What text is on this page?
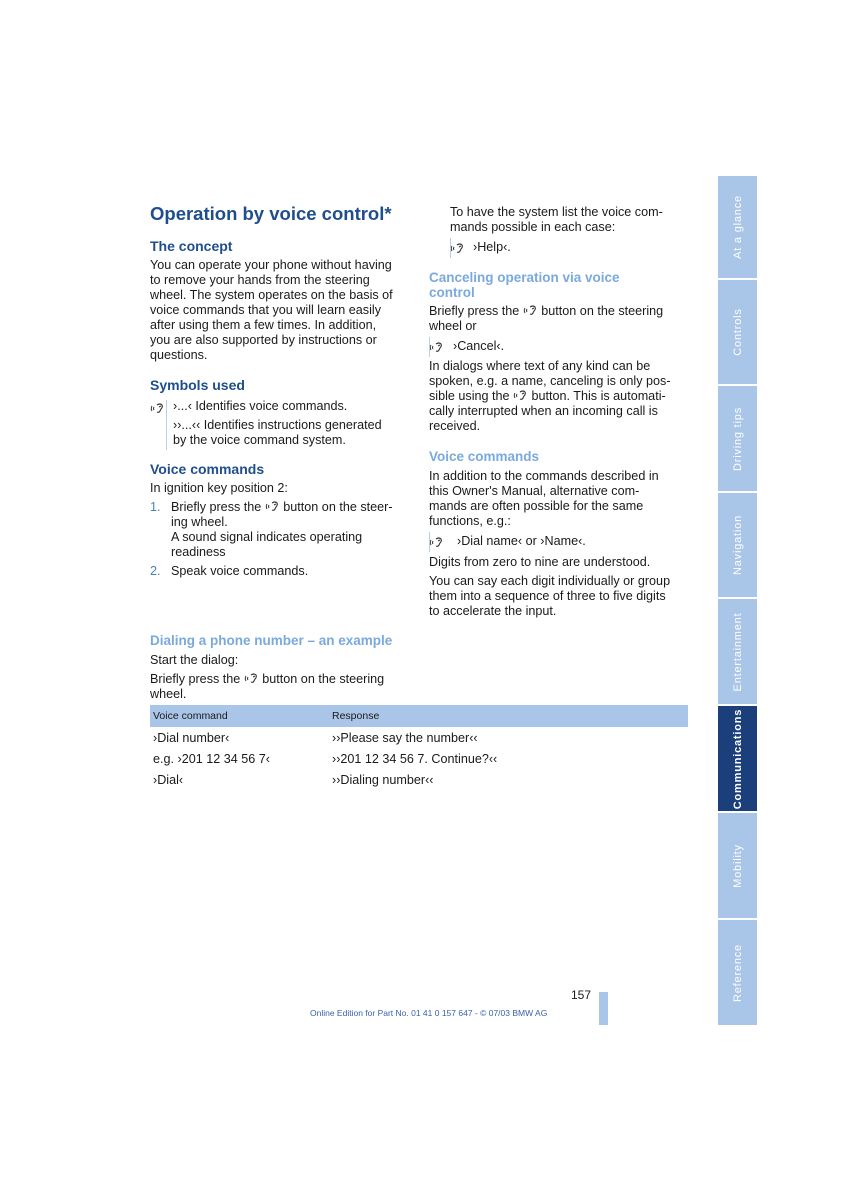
Operation by voice control*
The concept

You can operate your phone without having

to remove your hands from the steering

wheel. The system operates on the basis of

voice commands that you will learn easily

after using them a few times. In addition,

you are also supported by instructions or

questions.

Symbols used

›...‹ Identifies voice commands.

››...‹‹ Identifies instructions generated

by the voice command system.

Voice commands

In ignition key position 2:

1. Briefly press the  button on the steer-

ing wheel.

A sound signal indicates operating

readiness

2. Speak voice commands.

To have the system list the voice com-

mands possible in each case:

›Help‹.

Canceling operation via voice
control

Briefly press the  button on the steering

wheel or

›Cancel‹.

In dialogs where text of any kind can be

spoken, e.g. a name, canceling is only pos-

sible using the  button. This is automati-

cally interrupted when an incoming call is

received.

Voice commands

In addition to the commands described in

this Owner's Manual, alternative com-

mands are often possible for the same

functions, e.g.:

›Dial name‹ or ›Name‹.

Digits from zero to nine are understood.

You can say each digit individually or group

them into a sequence of three to five digits

to accelerate the input.

Dialing a phone number – an example

Start the dialog:

Briefly press the  button on the steering

wheel.

Voice command	Response
›Dial number‹	››Please say the number‹‹
e.g. ›201 12 34 56 7‹	››201 12 34 56 7. Continue?‹‹
›Dial‹	››Dialing number‹‹
At a glance
Controls
Driving tips
Navigation
Entertainment
Communications
Mobility
Reference
157
Online Edition for Part No. 01 41 0 157 647 - © 07/03 BMW AG
